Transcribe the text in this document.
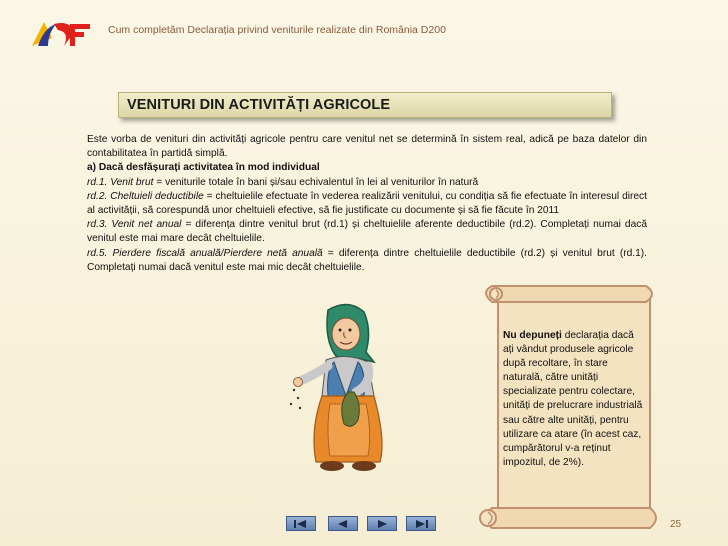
Cum completăm Declarația privind veniturile realizate din România D200
VENITURI DIN ACTIVITĂȚI AGRICOLE

Este vorba de venituri din activități agricole pentru care venitul net se determină în sistem real, adică pe baza datelor din contabilitatea în partidă simplă.

a) Dacă desfășurați activitatea în mod individual

rd.1. Venit brut = veniturile totale în bani și/sau echivalentul în lei al veniturilor în natură

rd.2. Cheltuieli deductibile = cheltuielile efectuate în vederea realizării venitului, cu condiția să fie efectuate în interesul direct al activității, să corespundă unor cheltuieli efective, să fie justificate cu documente și să fie făcute în 2011

rd.3. Venit net anual = diferența dintre venitul brut (rd.1) și cheltuielile aferente deductibile (rd.2). Completați numai dacă venitul este mai mare decât cheltuielile.

rd.5. Pierdere fiscală anuală/Pierdere netă anuală = diferența dintre cheltuielile deductibile (rd.2) și venitul brut (rd.1). Completați numai dacă venitul este mai mic decât cheltuielile.

Nu depuneți declarația dacă ați vândut produsele agricole după recoltare, în stare naturală, către unități specializate pentru colectare, unități de prelucrare industrială sau către alte unități, pentru utilizare ca atare (în acest caz, cumpărătorul v-a reținut impozitul, de 2%).
25
